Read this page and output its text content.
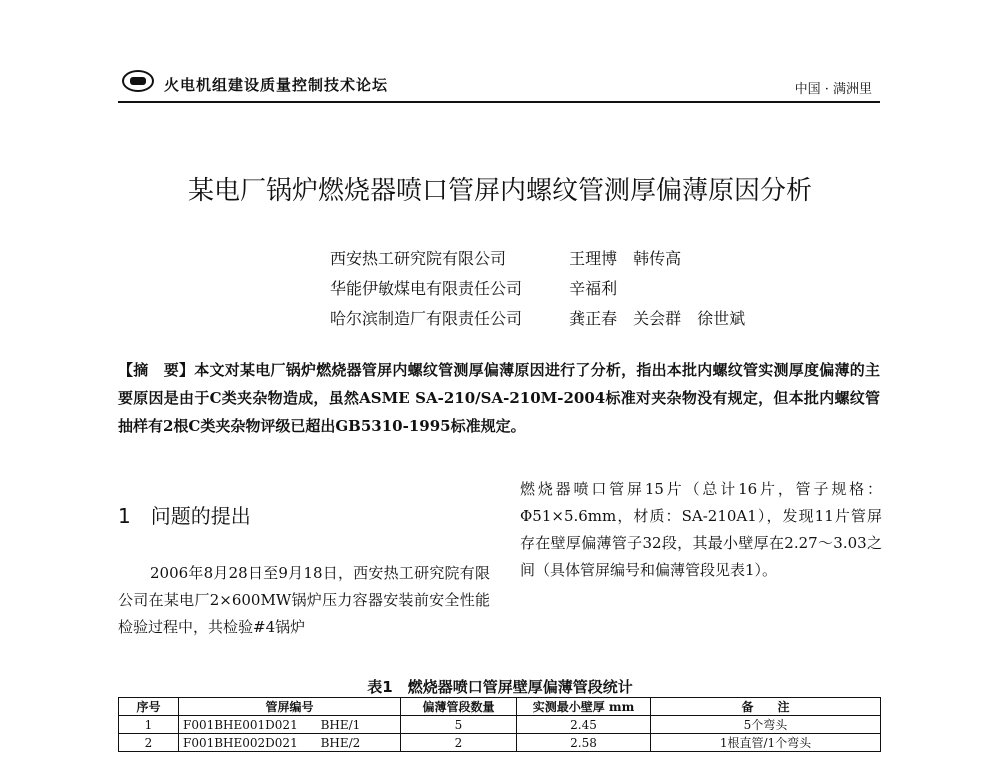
火电机组建设质量控制技术论坛	中国 · 满洲里
某电厂锅炉燃烧器喷口管屏内螺纹管测厚偏薄原因分析
西安热工研究院有限公司	王理博　韩传高
华能伊敏煤电有限责任公司	辛福利
哈尔滨制造厂有限责任公司	龚正春　关会群　徐世斌
【摘　要】本文对某电厂锅炉燃烧器管屏内螺纹管测厚偏薄原因进行了分析，指出本批内螺纹管实测厚度偏薄的主要原因是由于C类夹杂物造成，虽然ASME SA-210/SA-210M-2004标准对夹杂物没有规定，但本批内螺纹管抽样有2根C类夹杂物评级已超出GB5310-1995标准规定。
1　问题的提出

2006年8月28日至9月18日，西安热工研究院有限公司在某电厂2×600MW锅炉压力容器安装前安全性能检验过程中，共检验#4锅炉

燃烧器喷口管屏15片（总计16片，管子规格：Φ51×5.6mm，材质：SA-210A1），发现11片管屏存在壁厚偏薄管子32段，其最小壁厚在2.27～3.03之间（具体管屏编号和偏薄管段见表1）。

表1　燃烧器喷口管屏壁厚偏薄管段统计
序号	管屏编号	偏薄管段数量	实测最小壁厚 mm	备　　注
1	F001BHE001D021 BHE/1	5	2.45	5个弯头
2	F001BHE002D021 BHE/2	2	2.58	1根直管/1个弯头
